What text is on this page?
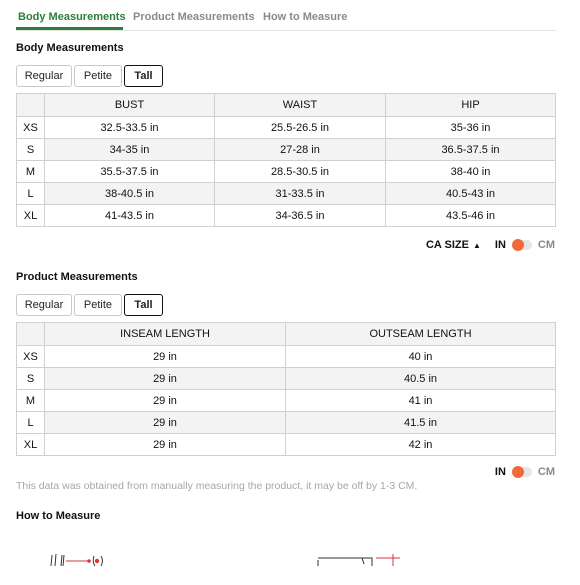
Body Measurements Product Measurements How to Measure
Body Measurements
Regular	Petite	Tall
	BUST	WAIST	HIP
XS	32.5-33.5 in	25.5-26.5 in	35-36 in
S	34-35 in	27-28 in	36.5-37.5 in
M	35.5-37.5 in	28.5-30.5 in	38-40 in
L	38-40.5 in	31-33.5 in	40.5-43 in
XL	41-43.5 in	34-36.5 in	43.5-46 in
CA SIZE ▲ IN	CM
Product Measurements
Regular	Petite	Tall
	INSEAM LENGTH	OUTSEAM LENGTH
XS	29 in	40 in
S	29 in	40.5 in
M	29 in	41 in
L	29 in	41.5 in
XL	29 in	42 in
IN	CM
This data was obtained from manually measuring the product, it may be off by 1-3 CM.
How to Measure
